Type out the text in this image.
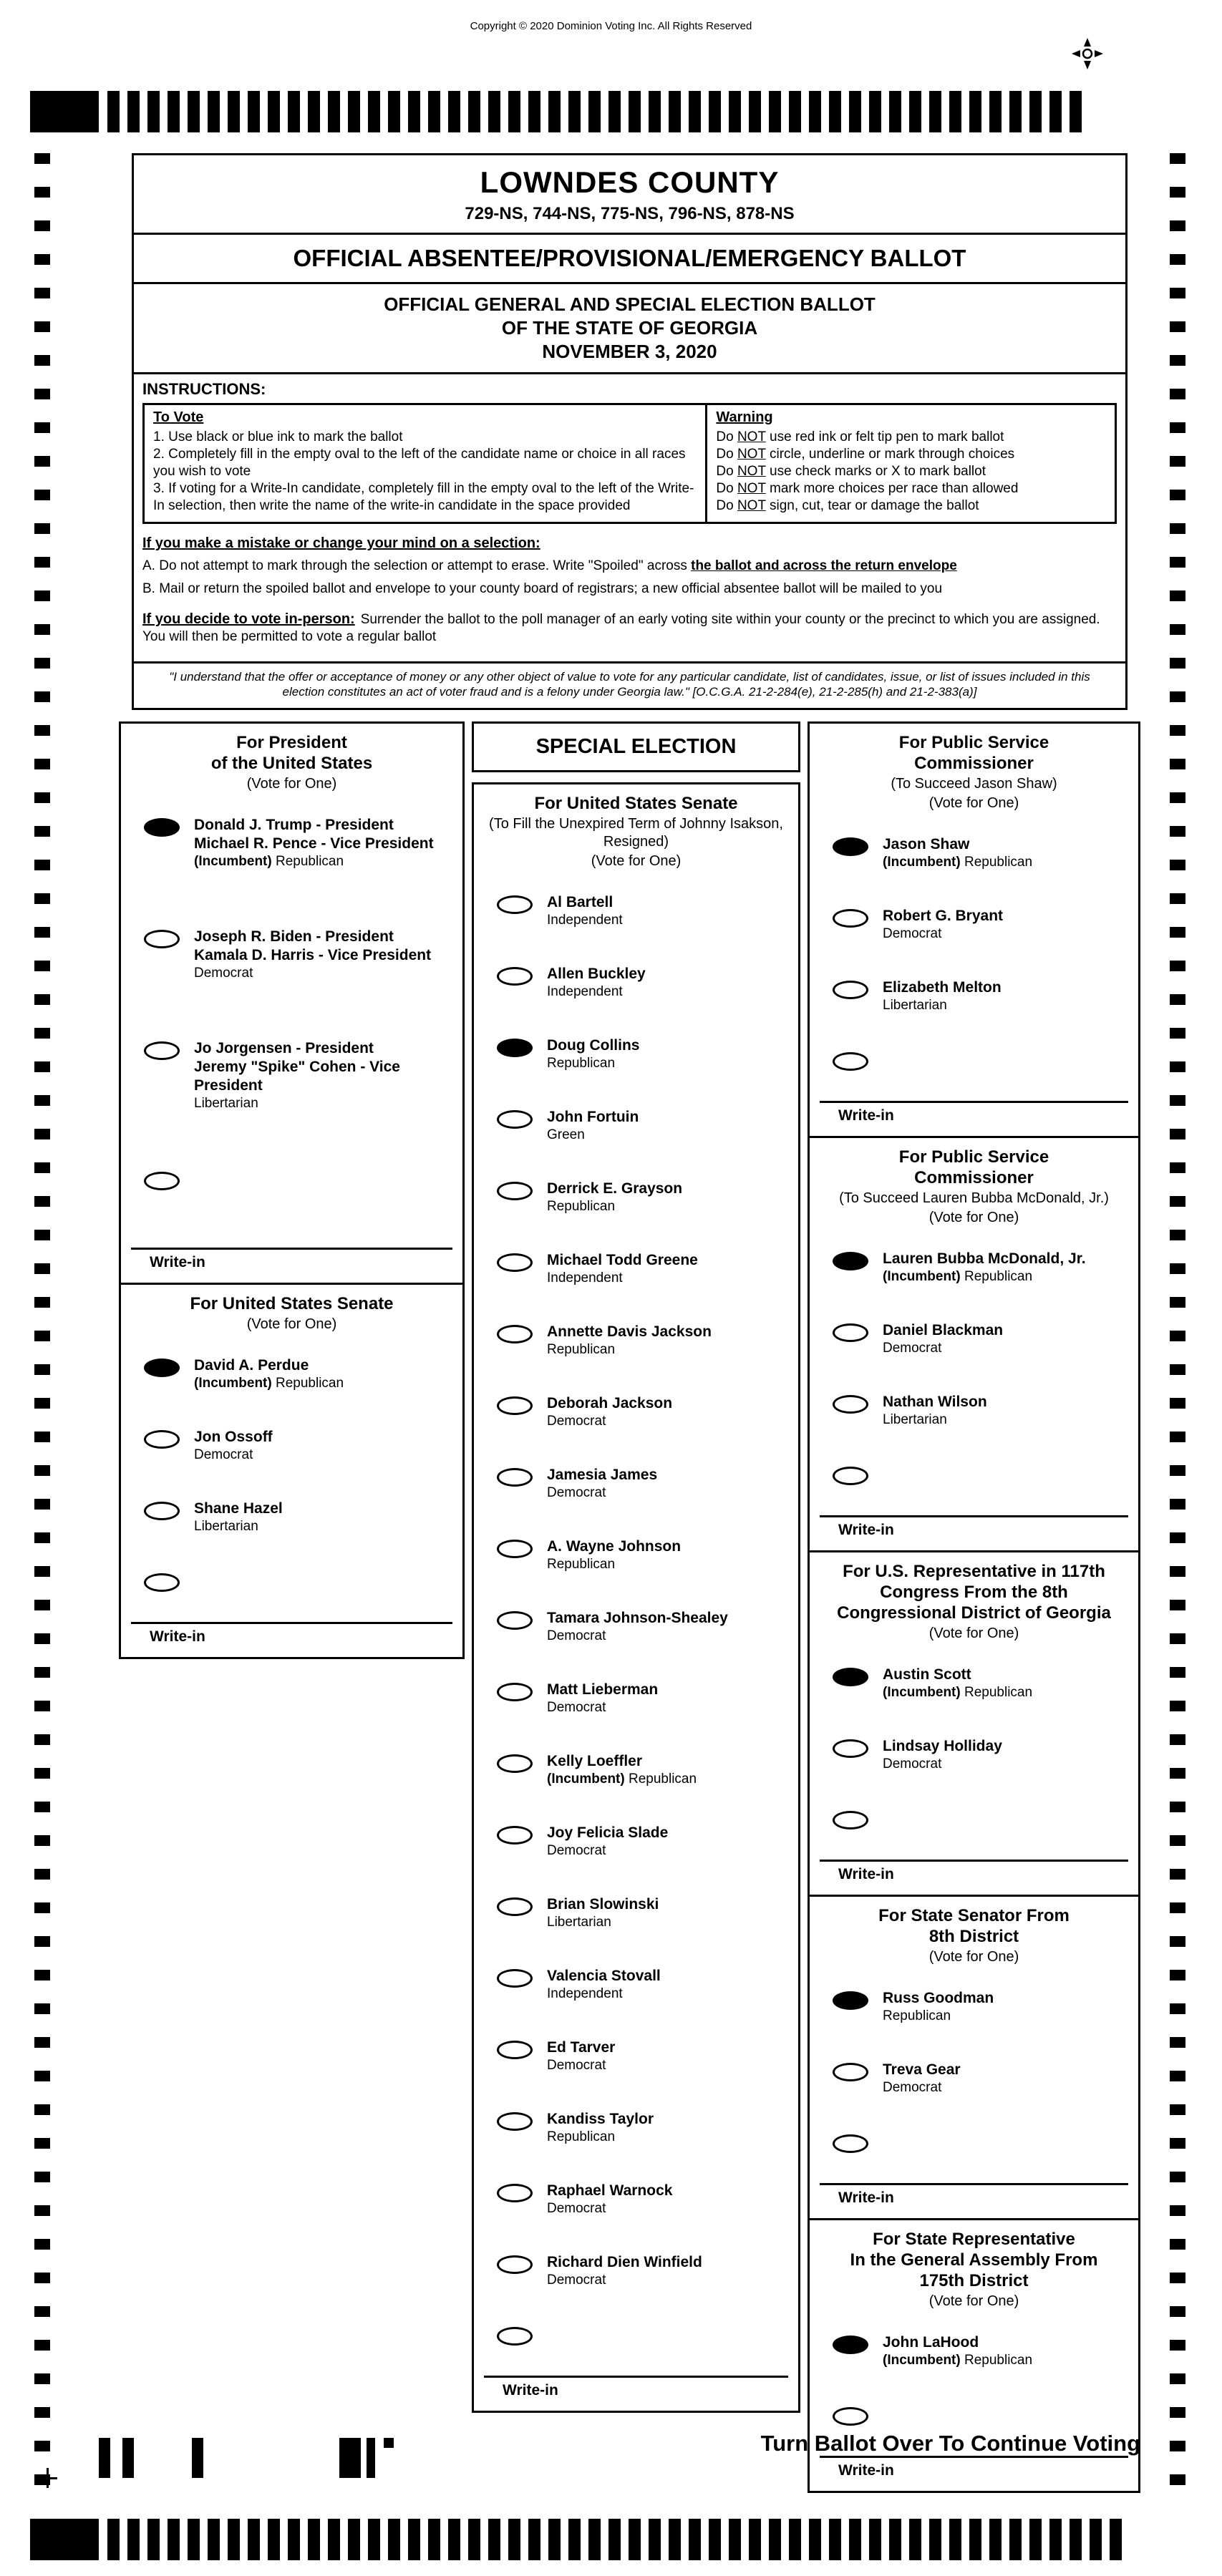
Copyright © 2020 Dominion Voting Inc. All Rights Reserved
LOWNDES COUNTY
729-NS, 744-NS, 775-NS, 796-NS, 878-NS
OFFICIAL ABSENTEE/PROVISIONAL/EMERGENCY BALLOT
OFFICIAL GENERAL AND SPECIAL ELECTION BALLOT
OF THE STATE OF GEORGIA
NOVEMBER 3, 2020
INSTRUCTIONS:
To Vote
1. Use black or blue ink to mark the ballot
2. Completely fill in the empty oval to the left of the candidate name or choice in all races you wish to vote
3. If voting for a Write-In candidate, completely fill in the empty oval to the left of the Write-In selection, then write the name of the write-in candidate in the space provided
Warning
Do NOT use red ink or felt tip pen to mark ballot
Do NOT circle, underline or mark through choices
Do NOT use check marks or X to mark ballot
Do NOT mark more choices per race than allowed
Do NOT sign, cut, tear or damage the ballot
If you make a mistake or change your mind on a selection:
A. Do not attempt to mark through the selection or attempt to erase. Write "Spoiled" across the ballot and across the return envelope
B. Mail or return the spoiled ballot and envelope to your county board of registrars; a new official absentee ballot will be mailed to you
If you decide to vote in-person: Surrender the ballot to the poll manager of an early voting site within your county or the precinct to which you are assigned. You will then be permitted to vote a regular ballot
"I understand that the offer or acceptance of money or any other object of value to vote for any particular candidate, list of candidates, issue, or list of issues included in this election constitutes an act of voter fraud and is a felony under Georgia law." [O.C.G.A. 21-2-284(e), 21-2-285(h) and 21-2-383(a)]
For President
of the United States
(Vote for One)
Donald J. Trump - President
Michael R. Pence - Vice President
(Incumbent) Republican
Joseph R. Biden - President
Kamala D. Harris - Vice President
Democrat
Jo Jorgensen - President
Jeremy "Spike" Cohen - Vice President
Libertarian
Write-in
For United States Senate
(Vote for One)
David A. Perdue
(Incumbent) Republican
Jon Ossoff
Democrat
Shane Hazel
Libertarian
Write-in
SPECIAL ELECTION
For United States Senate
(To Fill the Unexpired Term of Johnny Isakson, Resigned)
(Vote for One)
Al Bartell
Independent
Allen Buckley
Independent
Doug Collins
Republican
John Fortuin
Green
Derrick E. Grayson
Republican
Michael Todd Greene
Independent
Annette Davis Jackson
Republican
Deborah Jackson
Democrat
Jamesia James
Democrat
A. Wayne Johnson
Republican
Tamara Johnson-Shealey
Democrat
Matt Lieberman
Democrat
Kelly Loeffler
(Incumbent) Republican
Joy Felicia Slade
Democrat
Brian Slowinski
Libertarian
Valencia Stovall
Independent
Ed Tarver
Democrat
Kandiss Taylor
Republican
Raphael Warnock
Democrat
Richard Dien Winfield
Democrat
Write-in
For Public Service
Commissioner
(To Succeed Jason Shaw)
(Vote for One)
Jason Shaw
(Incumbent) Republican
Robert G. Bryant
Democrat
Elizabeth Melton
Libertarian
Write-in
For Public Service
Commissioner
(To Succeed Lauren Bubba McDonald, Jr.)
(Vote for One)
Lauren Bubba McDonald, Jr.
(Incumbent) Republican
Daniel Blackman
Democrat
Nathan Wilson
Libertarian
Write-in
For U.S. Representative in 117th
Congress From the 8th
Congressional District of Georgia
(Vote for One)
Austin Scott
(Incumbent) Republican
Lindsay Holliday
Democrat
Write-in
For State Senator From
8th District
(Vote for One)
Russ Goodman
Republican
Treva Gear
Democrat
Write-in
For State Representative
In the General Assembly From
175th District
(Vote for One)
John LaHood
(Incumbent) Republican
Write-in
Turn Ballot Over To Continue Voting
